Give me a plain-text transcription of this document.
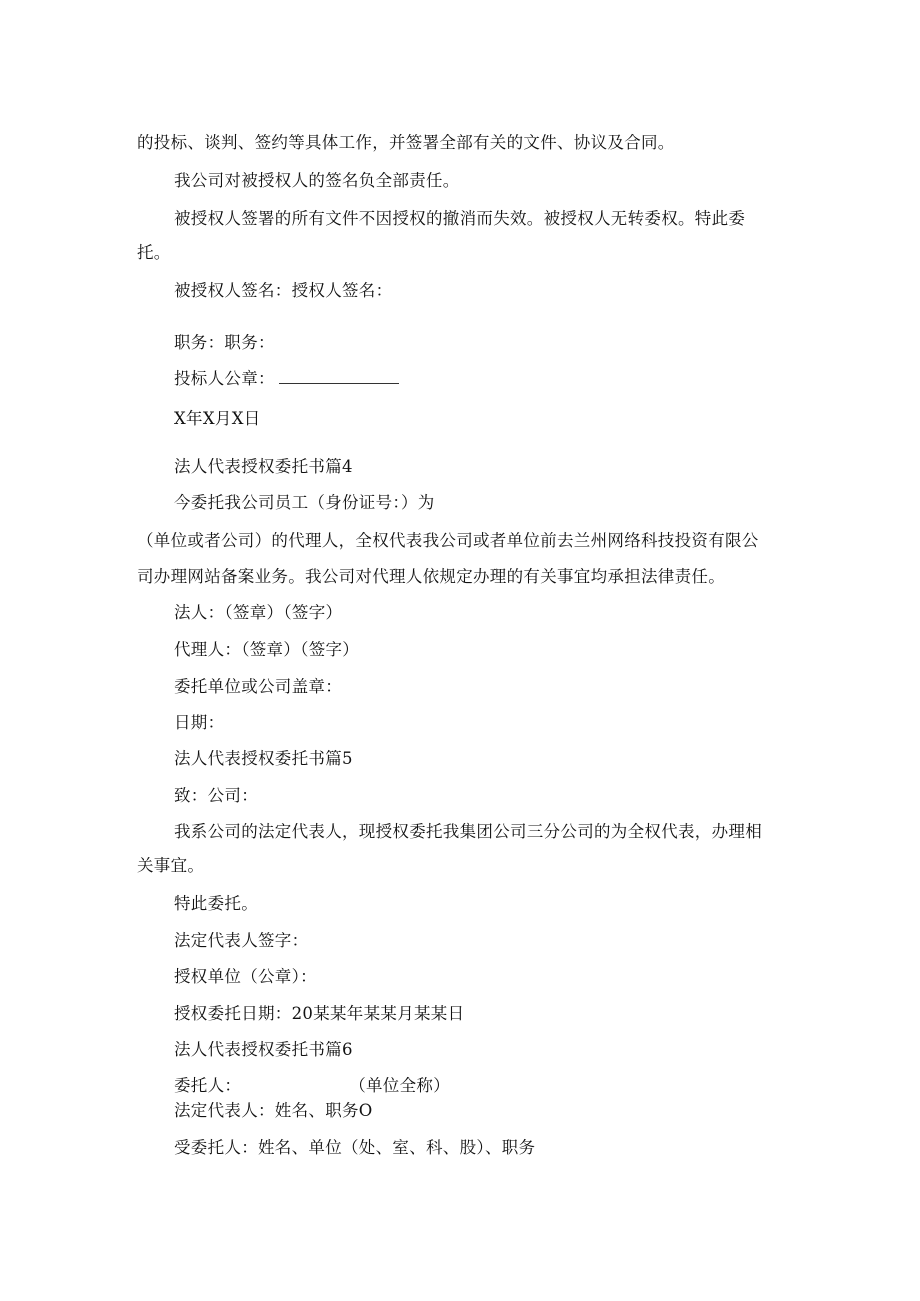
的投标、谈判、签约等具体工作，并签署全部有关的文件、协议及合同。
我公司对被授权人的签名负全部责任。
被授权人签署的所有文件不因授权的撤消而失效。被授权人无转委权。特此委
托。
被授权人签名：授权人签名：
职务：职务：
投标人公章：
X年X月X日
法人代表授权委托书篇4
今委托我公司员工（身份证号：）为
（单位或者公司）的代理人，全权代表我公司或者单位前去兰州网络科技投资有限公
司办理网站备案业务。我公司对代理人依规定办理的有关事宜均承担法律责任。
法人：（签章）（签字）
代理人：（签章）（签字）
委托单位或公司盖章：
日期：
法人代表授权委托书篇5
致：公司：
我系公司的法定代表人，现授权委托我集团公司三分公司的为全权代表，办理相
关事宜。
特此委托。
法定代表人签字：
授权单位（公章）：
授权委托日期：20某某年某某月某某日
法人代表授权委托书篇6
委托人：	（单位全称）
法定代表人：姓名、职务O
受委托人：姓名、单位（处、室、科、股）、职务
